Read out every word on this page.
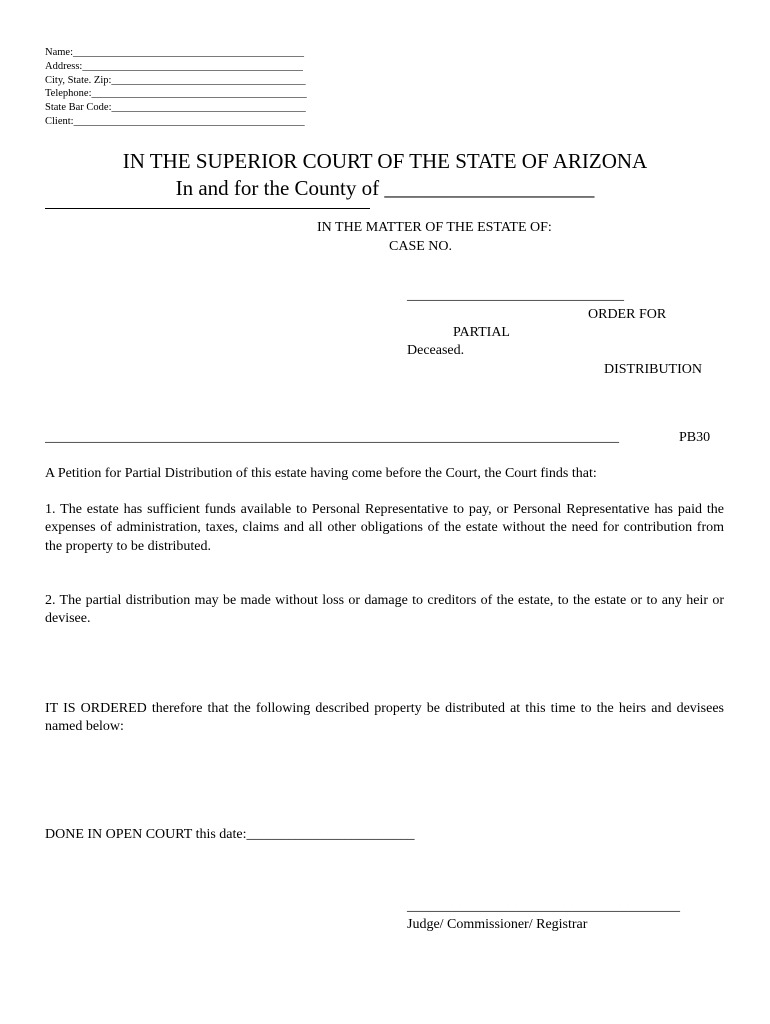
Name:____________________________________________
Address:__________________________________________
City, State. Zip:_____________________________________
Telephone:_________________________________________
State Bar Code:_____________________________________
Client:____________________________________________
IN THE SUPERIOR COURT OF THE STATE OF ARIZONA
In and for the County of ____________________
IN THE MATTER OF THE ESTATE OF:
CASE NO.
_______________________________
ORDER FOR
PARTIAL
Deceased.
DISTRIBUTION
__________________________________________________________________________________	PB30
A Petition for Partial Distribution of this estate having come before the Court, the Court finds that:
1. The estate has sufficient funds available to Personal Representative to pay, or Personal Representative has paid the expenses of administration, taxes, claims and all other obligations of the estate without the need for contribution from the property to be distributed.
2. The partial distribution may be made without loss or damage to creditors of the estate, to the estate or to any heir or devisee.
IT IS ORDERED therefore that the following described property be distributed at this time to the heirs and devisees named below:
DONE IN OPEN COURT this date:________________________
_______________________________________
Judge/ Commissioner/ Registrar
